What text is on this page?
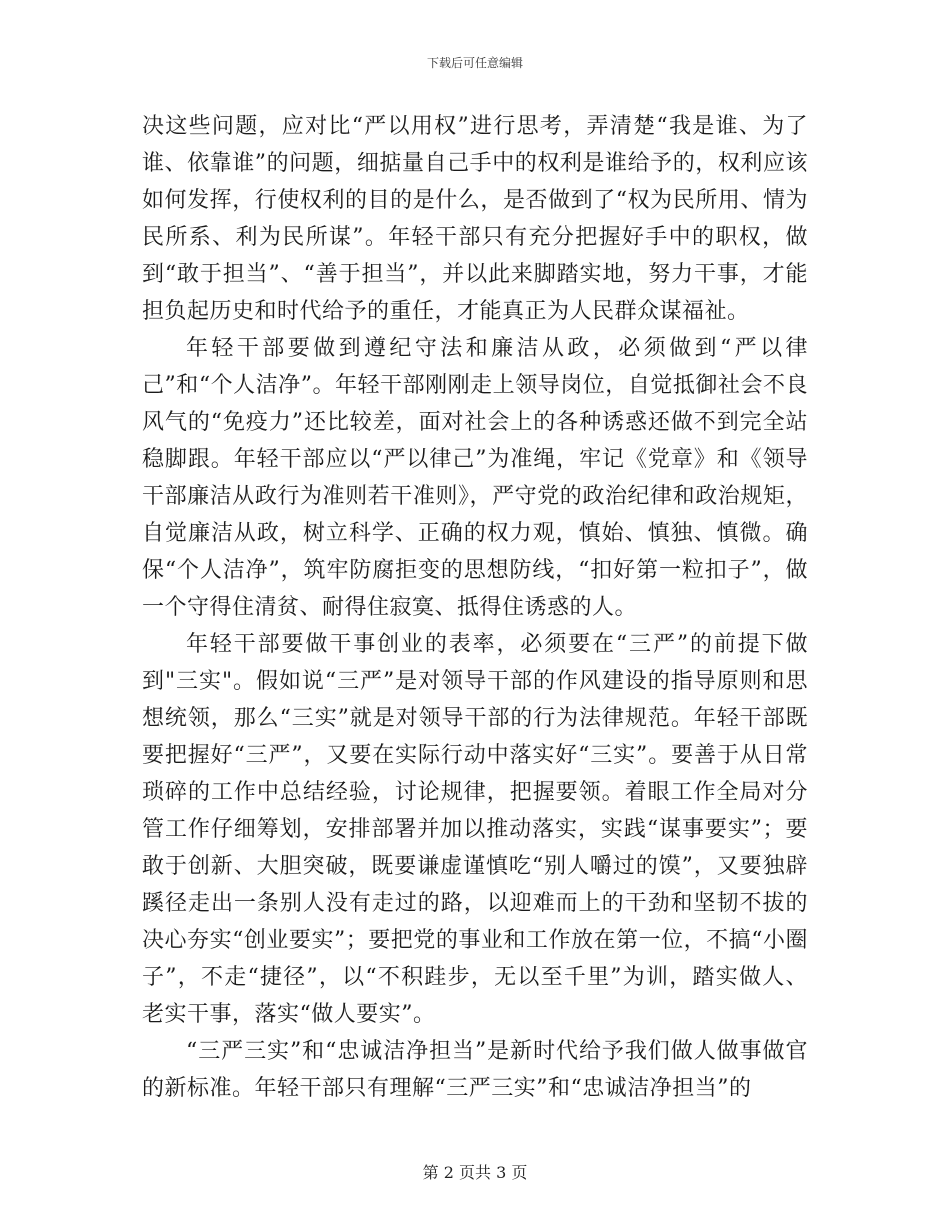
下载后可任意编辑

决这些问题，应对比“严以用权”进行思考，弄清楚“我是谁、为了谁、依靠谁”的问题，细掂量自己手中的权利是谁给予的，权利应该如何发挥，行使权利的目的是什么，是否做到了“权为民所用、情为民所系、利为民所谋”。年轻干部只有充分把握好手中的职权，做到“敢于担当”、“善于担当”，并以此来脚踏实地，努力干事，才能担负起历史和时代给予的重任，才能真正为人民群众谋福祉。

年轻干部要做到遵纪守法和廉洁从政，必须做到“严以律己”和“个人洁净”。年轻干部刚刚走上领导岗位，自觉抵御社会不良风气的“免疫力”还比较差，面对社会上的各种诱惑还做不到完全站稳脚跟。年轻干部应以“严以律己”为准绳，牢记《党章》和《领导干部廉洁从政行为准则若干准则》，严守党的政治纪律和政治规矩，自觉廉洁从政，树立科学、正确的权力观，慎始、慎独、慎微。确保“个人洁净”，筑牢防腐拒变的思想防线，“扣好第一粒扣子”，做一个守得住清贫、耐得住寂寞、抵得住诱惑的人。

年轻干部要做干事创业的表率，必须要在“三严”的前提下做到"三实"。假如说“三严”是对领导干部的作风建设的指导原则和思想统领，那么“三实”就是对领导干部的行为法律规范。年轻干部既要把握好“三严”，又要在实际行动中落实好“三实”。要善于从日常琐碎的工作中总结经验，讨论规律，把握要领。着眼工作全局对分管工作仔细筹划，安排部署并加以推动落实，实践“谋事要实”；要敢于创新、大胆突破，既要谦虚谨慎吃“别人嚼过的馍”，又要独辟蹊径走出一条别人没有走过的路，以迎难而上的干劲和坚韧不拔的决心夯实“创业要实”；要把党的事业和工作放在第一位，不搞“小圈子”，不走“捷径”，以“不积跬步，无以至千里”为训，踏实做人、老实干事，落实“做人要实”。

“三严三实”和“忠诚洁净担当”是新时代给予我们做人做事做官的新标准。年轻干部只有理解“三严三实”和“忠诚洁净担当”的

第 2 页共 3 页
